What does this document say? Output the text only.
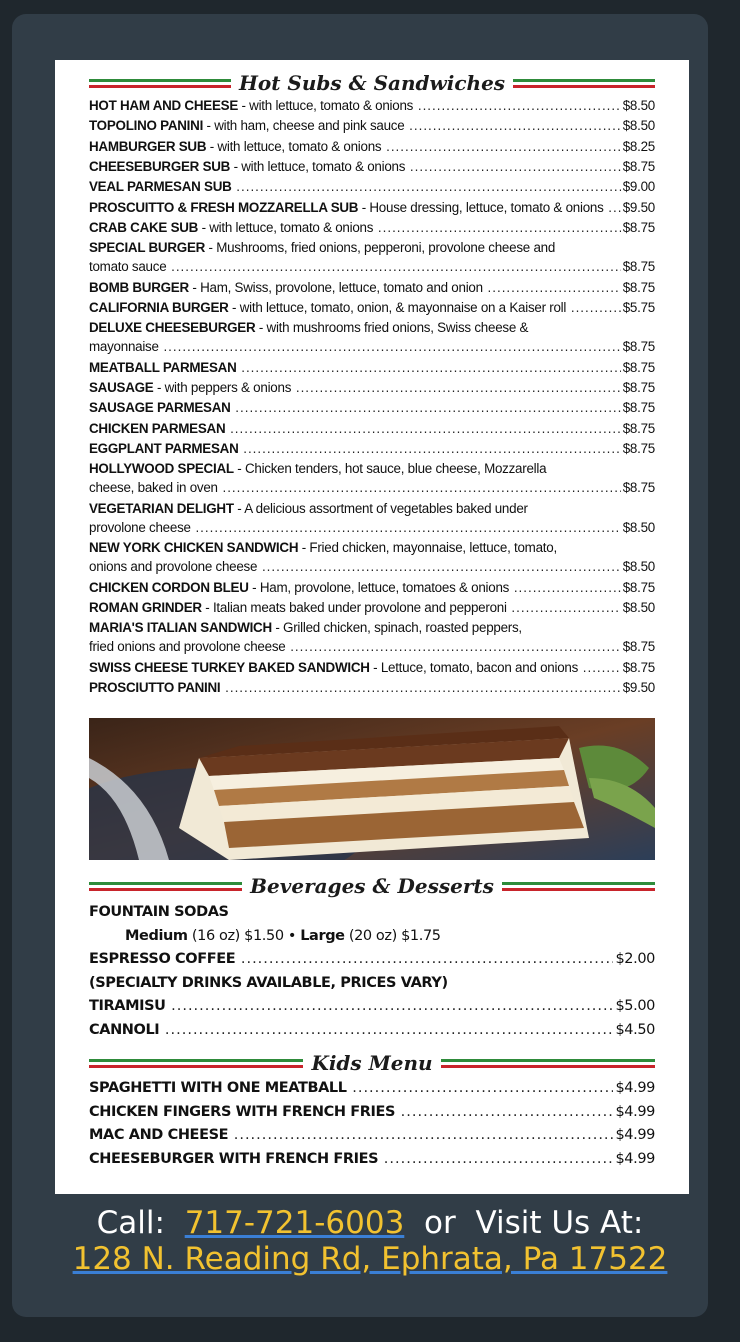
Hot Subs & Sandwiches
HOT HAM AND CHEESE - with lettuce, tomato & onions .....	$8.50
TOPOLINO PANINI - with ham, cheese and pink sauce .....	$8.50
HAMBURGER SUB - with lettuce, tomato & onions .....	$8.25
CHEESEBURGER SUB - with lettuce, tomato & onions .....	$8.75
VEAL PARMESAN SUB .....	$9.00
PROSCUITTO & FRESH MOZZARELLA SUB - House dressing, lettuce, tomato & onions .....	$9.50
CRAB CAKE SUB - with lettuce, tomato & onions .....	$8.75
SPECIAL BURGER - Mushrooms, fried onions, pepperoni, provolone cheese and
tomato sauce .....	$8.75
BOMB BURGER - Ham, Swiss, provolone, lettuce, tomato and onion .....	$8.75
CALIFORNIA BURGER - with lettuce, tomato, onion, & mayonnaise on a Kaiser roll .....	$5.75
DELUXE CHEESEBURGER - with mushrooms fried onions, Swiss cheese &
mayonnaise .....	$8.75
MEATBALL PARMESAN .....	$8.75
SAUSAGE - with peppers & onions .....	$8.75
SAUSAGE PARMESAN .....	$8.75
CHICKEN PARMESAN .....	$8.75
EGGPLANT PARMESAN .....	$8.75
HOLLYWOOD SPECIAL - Chicken tenders, hot sauce, blue cheese, Mozzarella
cheese, baked in oven .....	$8.75
VEGETARIAN DELIGHT - A delicious assortment of vegetables baked under
provolone cheese .....	$8.50
NEW YORK CHICKEN SANDWICH - Fried chicken, mayonnaise, lettuce, tomato,
onions and provolone cheese .....	$8.50
CHICKEN CORDON BLEU - Ham, provolone, lettuce, tomatoes & onions .....	$8.75
ROMAN GRINDER - Italian meats baked under provolone and pepperoni .....	$8.50
MARIA'S ITALIAN SANDWICH - Grilled chicken, spinach, roasted peppers,
fried onions and provolone cheese .....	$8.75
SWISS CHEESE TURKEY BAKED SANDWICH - Lettuce, tomato, bacon and onions .....	$8.75
PROSCIUTTO PANINI .....	$9.50
Beverages & Desserts
FOUNTAIN SODAS
Medium (16 oz) $1.50 • Large (20 oz) $1.75
ESPRESSO COFFEE .....	$2.00
(SPECIALTY DRINKS AVAILABLE, PRICES VARY)
TIRAMISU .....	$5.00
CANNOLI .....	$4.50
Kids Menu
SPAGHETTI WITH ONE MEATBALL .....	$4.99
CHICKEN FINGERS WITH FRENCH FRIES .....	$4.99
MAC AND CHEESE .....	$4.99
CHEESEBURGER WITH FRENCH FRIES .....	$4.99
Call: 717-721-6003 or Visit Us At:
128 N. Reading Rd, Ephrata, Pa 17522
